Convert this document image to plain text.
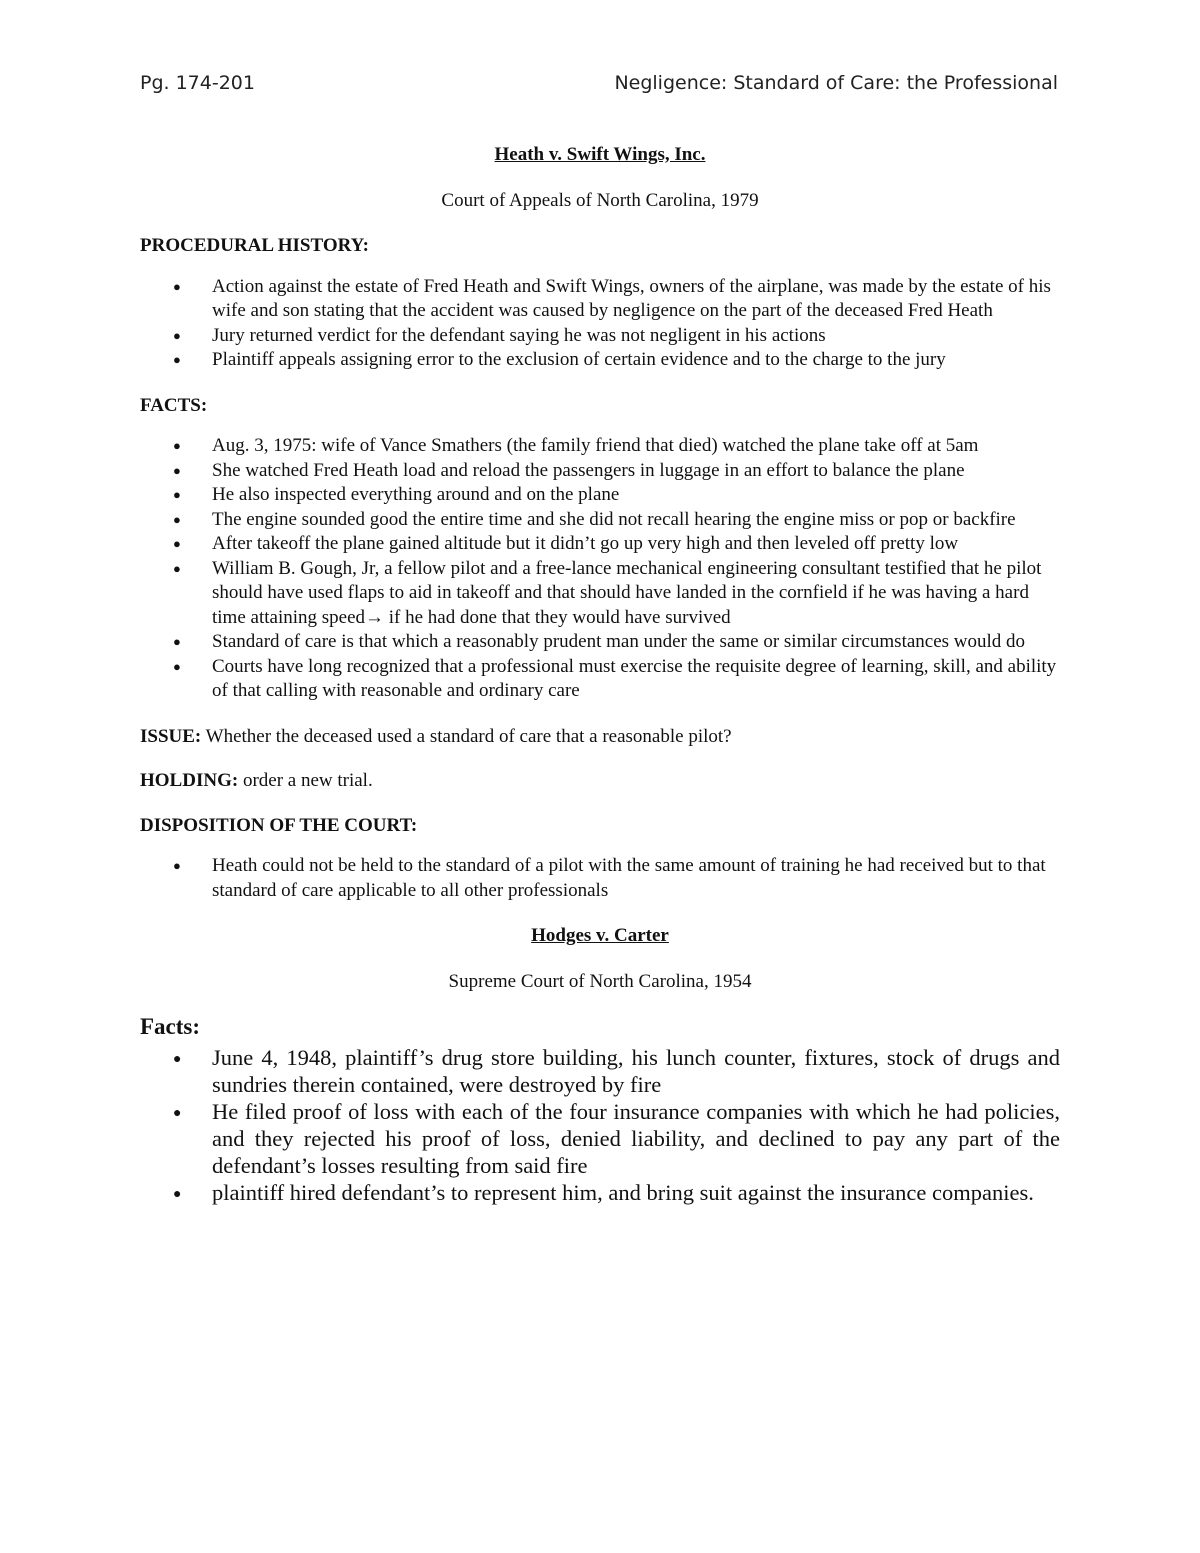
Pg. 174-201	Negligence: Standard of Care: the Professional
Heath v. Swift Wings, Inc.
Court of Appeals of North Carolina, 1979
PROCEDURAL HISTORY:
● Action against the estate of Fred Heath and Swift Wings, owners of the airplane, was made by the estate of his wife and son stating that the accident was caused by negligence on the part of the deceased Fred Heath
● Jury returned verdict for the defendant saying he was not negligent in his actions
● Plaintiff appeals assigning error to the exclusion of certain evidence and to the charge to the jury
FACTS:
● Aug. 3, 1975: wife of Vance Smathers (the family friend that died) watched the plane take off at 5am
● She watched Fred Heath load and reload the passengers in luggage in an effort to balance the plane
● He also inspected everything around and on the plane
● The engine sounded good the entire time and she did not recall hearing the engine miss or pop or backfire
● After takeoff the plane gained altitude but it didn’t go up very high and then leveled off pretty low
● William B. Gough, Jr, a fellow pilot and a free-lance mechanical engineering consultant testified that he pilot should have used flaps to aid in takeoff and that should have landed in the cornfield if he was having a hard time attaining speed→ if he had done that they would have survived
● Standard of care is that which a reasonably prudent man under the same or similar circumstances would do
● Courts have long recognized that a professional must exercise the requisite degree of learning, skill, and ability of that calling with reasonable and ordinary care
ISSUE: Whether the deceased used a standard of care that a reasonable pilot?
HOLDING: order a new trial.
DISPOSITION OF THE COURT:
● Heath could not be held to the standard of a pilot with the same amount of training he had received but to that standard of care applicable to all other professionals
Hodges v. Carter
Supreme Court of North Carolina, 1954
Facts:
● June 4, 1948, plaintiff’s drug store building, his lunch counter, fixtures, stock of drugs and sundries therein contained, were destroyed by fire
● He filed proof of loss with each of the four insurance companies with which he had policies, and they rejected his proof of loss, denied liability, and declined to pay any part of the defendant’s losses resulting from said fire
● plaintiff hired defendant’s to represent him, and bring suit against the insurance companies.
